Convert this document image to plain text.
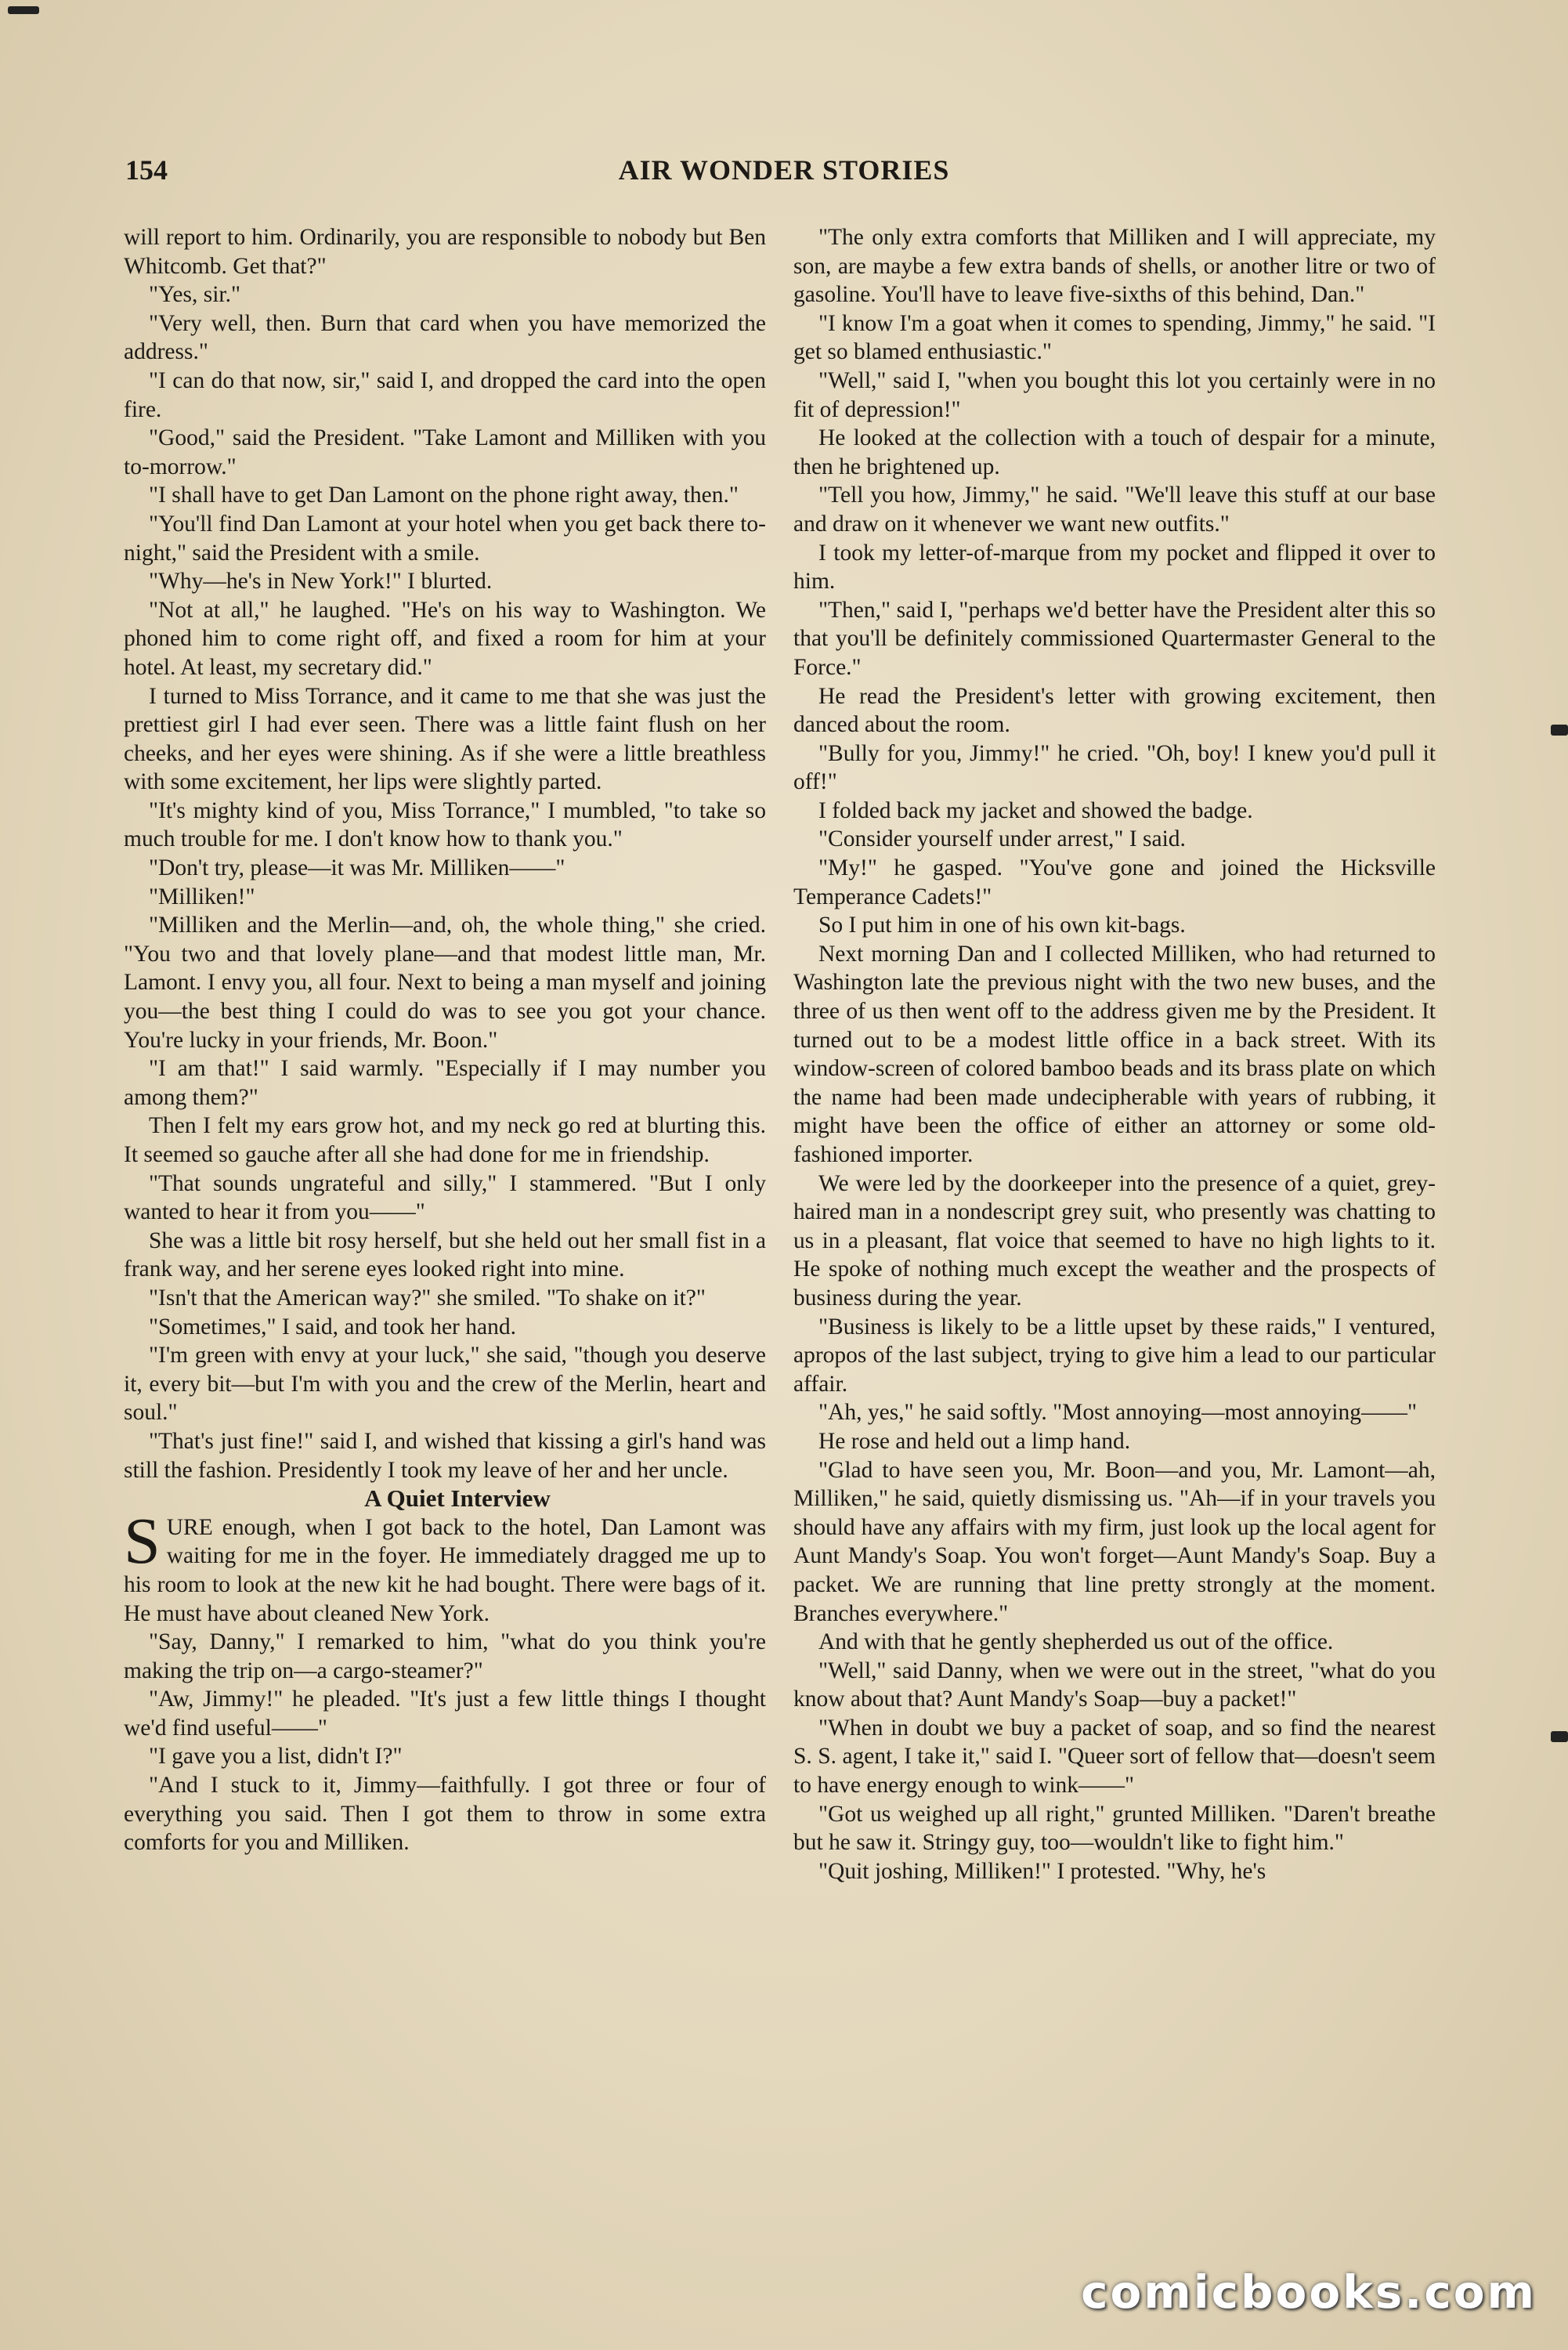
154	AIR WONDER STORIES

will report to him. Ordinarily, you are responsible to nobody but Ben Whitcomb. Get that?"

"Yes, sir."

"Very well, then. Burn that card when you have memorized the address."

"I can do that now, sir," said I, and dropped the card into the open fire.

"Good," said the President. "Take Lamont and Milliken with you to-morrow."

"I shall have to get Dan Lamont on the phone right away, then."

"You'll find Dan Lamont at your hotel when you get back there to-night," said the President with a smile.

"Why—he's in New York!" I blurted.

"Not at all," he laughed. "He's on his way to Washington. We phoned him to come right off, and fixed a room for him at your hotel. At least, my secretary did."

I turned to Miss Torrance, and it came to me that she was just the prettiest girl I had ever seen. There was a little faint flush on her cheeks, and her eyes were shining. As if she were a little breathless with some excitement, her lips were slightly parted.

"It's mighty kind of you, Miss Torrance," I mumbled, "to take so much trouble for me. I don't know how to thank you."

"Don't try, please—it was Mr. Milliken——"

"Milliken!"

"Milliken and the Merlin—and, oh, the whole thing," she cried. "You two and that lovely plane—and that modest little man, Mr. Lamont. I envy you, all four. Next to being a man myself and joining you—the best thing I could do was to see you got your chance. You're lucky in your friends, Mr. Boon."

"I am that!" I said warmly. "Especially if I may number you among them?"

Then I felt my ears grow hot, and my neck go red at blurting this. It seemed so gauche after all she had done for me in friendship.

"That sounds ungrateful and silly," I stammered. "But I only wanted to hear it from you——"

She was a little bit rosy herself, but she held out her small fist in a frank way, and her serene eyes looked right into mine.

"Isn't that the American way?" she smiled. "To shake on it?"

"Sometimes," I said, and took her hand.

"I'm green with envy at your luck," she said, "though you deserve it, every bit—but I'm with you and the crew of the Merlin, heart and soul."

"That's just fine!" said I, and wished that kissing a girl's hand was still the fashion. Presidently I took my leave of her and her uncle.

A Quiet Interview

SURE enough, when I got back to the hotel, Dan Lamont was waiting for me in the foyer. He immediately dragged me up to his room to look at the new kit he had bought. There were bags of it. He must have about cleaned New York.

"Say, Danny," I remarked to him, "what do you think you're making the trip on—a cargo-steamer?"

"Aw, Jimmy!" he pleaded. "It's just a few little things I thought we'd find useful——"

"I gave you a list, didn't I?"

"And I stuck to it, Jimmy—faithfully. I got three or four of everything you said. Then I got them to throw in some extra comforts for you and Milliken.

"The only extra comforts that Milliken and I will appreciate, my son, are maybe a few extra bands of shells, or another litre or two of gasoline. You'll have to leave five-sixths of this behind, Dan."

"I know I'm a goat when it comes to spending, Jimmy," he said. "I get so blamed enthusiastic."

"Well," said I, "when you bought this lot you certainly were in no fit of depression!"

He looked at the collection with a touch of despair for a minute, then he brightened up.

"Tell you how, Jimmy," he said. "We'll leave this stuff at our base and draw on it whenever we want new outfits."

I took my letter-of-marque from my pocket and flipped it over to him.

"Then," said I, "perhaps we'd better have the President alter this so that you'll be definitely commissioned Quartermaster General to the Force."

He read the President's letter with growing excitement, then danced about the room.

"Bully for you, Jimmy!" he cried. "Oh, boy! I knew you'd pull it off!"

I folded back my jacket and showed the badge.

"Consider yourself under arrest," I said.

"My!" he gasped. "You've gone and joined the Hicksville Temperance Cadets!"

So I put him in one of his own kit-bags.

Next morning Dan and I collected Milliken, who had returned to Washington late the previous night with the two new buses, and the three of us then went off to the address given me by the President. It turned out to be a modest little office in a back street. With its window-screen of colored bamboo beads and its brass plate on which the name had been made undecipherable with years of rubbing, it might have been the office of either an attorney or some old-fashioned importer.

We were led by the doorkeeper into the presence of a quiet, grey-haired man in a nondescript grey suit, who presently was chatting to us in a pleasant, flat voice that seemed to have no high lights to it. He spoke of nothing much except the weather and the prospects of business during the year.

"Business is likely to be a little upset by these raids," I ventured, apropos of the last subject, trying to give him a lead to our particular affair.

"Ah, yes," he said softly. "Most annoying—most annoying——"

He rose and held out a limp hand.

"Glad to have seen you, Mr. Boon—and you, Mr. Lamont—ah, Milliken," he said, quietly dismissing us. "Ah—if in your travels you should have any affairs with my firm, just look up the local agent for Aunt Mandy's Soap. You won't forget—Aunt Mandy's Soap. Buy a packet. We are running that line pretty strongly at the moment. Branches everywhere."

And with that he gently shepherded us out of the office.

"Well," said Danny, when we were out in the street, "what do you know about that? Aunt Mandy's Soap—buy a packet!"

"When in doubt we buy a packet of soap, and so find the nearest S. S. agent, I take it," said I. "Queer sort of fellow that—doesn't seem to have energy enough to wink——"

"Got us weighed up all right," grunted Milliken. "Daren't breathe but he saw it. Stringy guy, too—wouldn't like to fight him."

"Quit joshing, Milliken!" I protested. "Why, he's

comicbooks.com
